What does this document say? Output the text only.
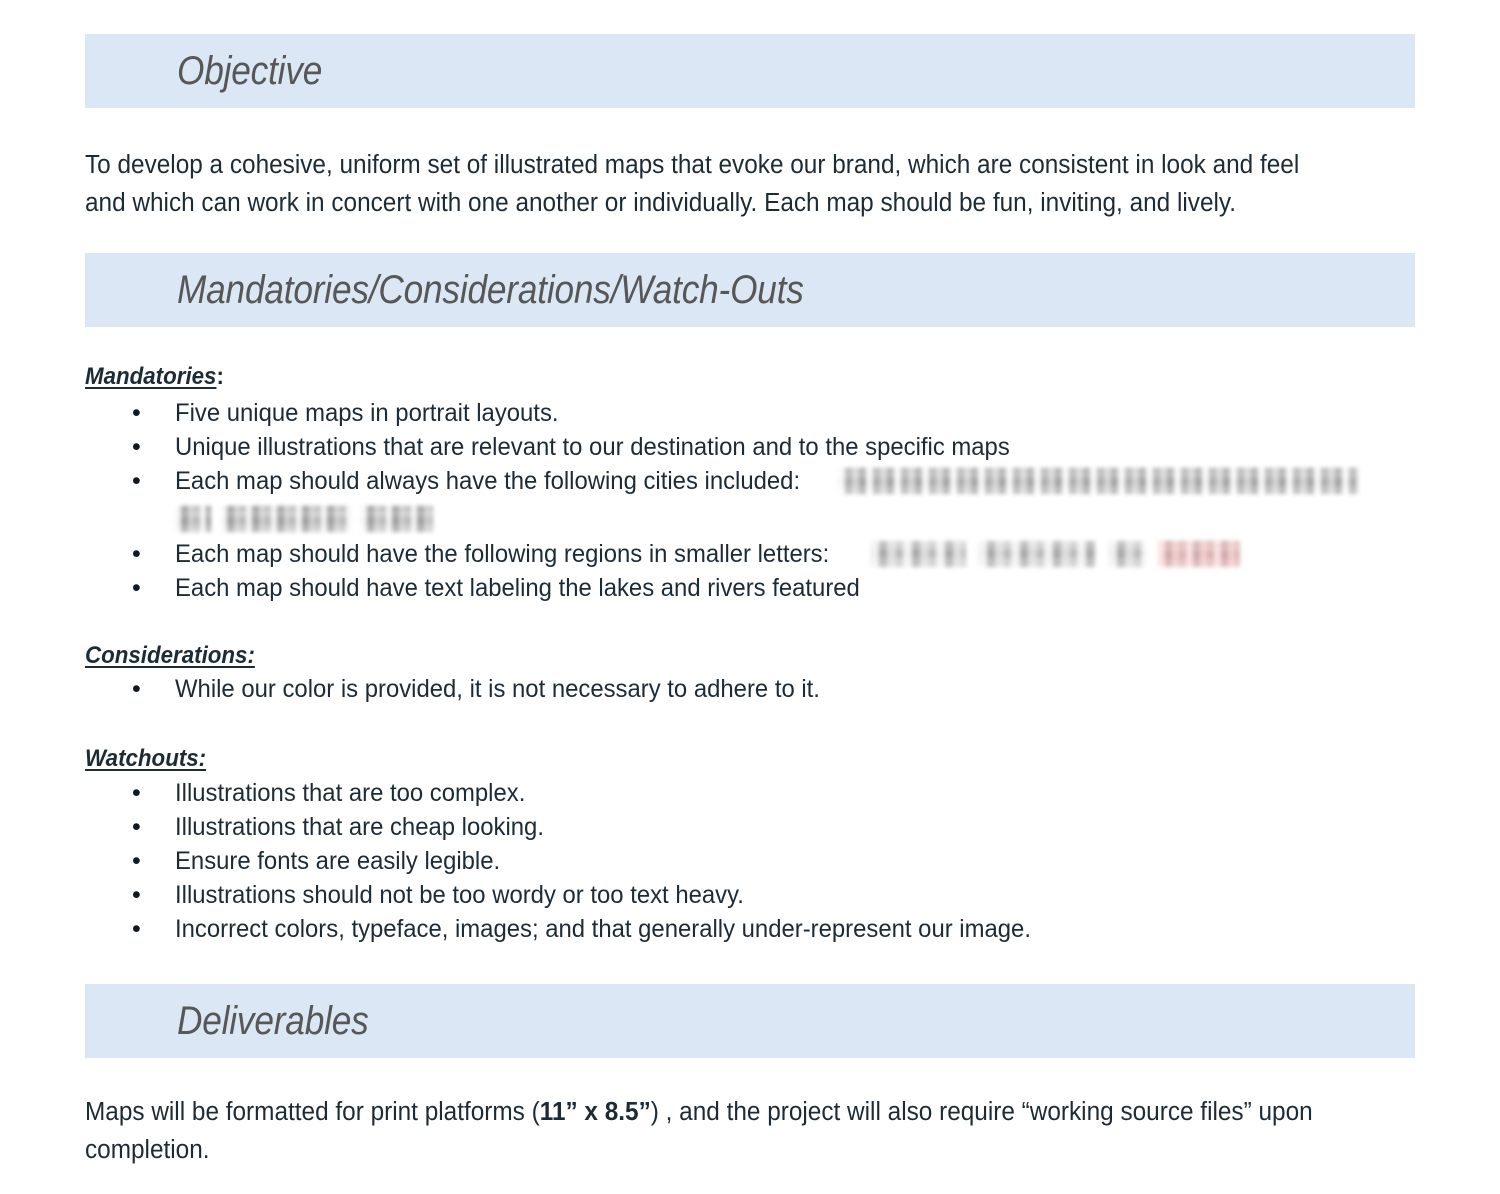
Objective
To develop a cohesive, uniform set of illustrated maps that evoke our brand, which are consistent in look and feel and which can work in concert with one another or individually. Each map should be fun, inviting, and lively.
Mandatories/Considerations/Watch-Outs
Mandatories:
• Five unique maps in portrait layouts.
• Unique illustrations that are relevant to our destination and to the specific maps
• Each map should always have the following cities included:
• Each map should have the following regions in smaller letters:
• Each map should have text labeling the lakes and rivers featured
Considerations:
• While our color is provided, it is not necessary to adhere to it.
Watchouts:
• Illustrations that are too complex.
• Illustrations that are cheap looking.
• Ensure fonts are easily legible.
• Illustrations should not be too wordy or too text heavy.
• Incorrect colors, typeface, images; and that generally under-represent our image.
Deliverables
Maps will be formatted for print platforms (11” x 8.5”) , and the project will also require “working source files” upon completion.
